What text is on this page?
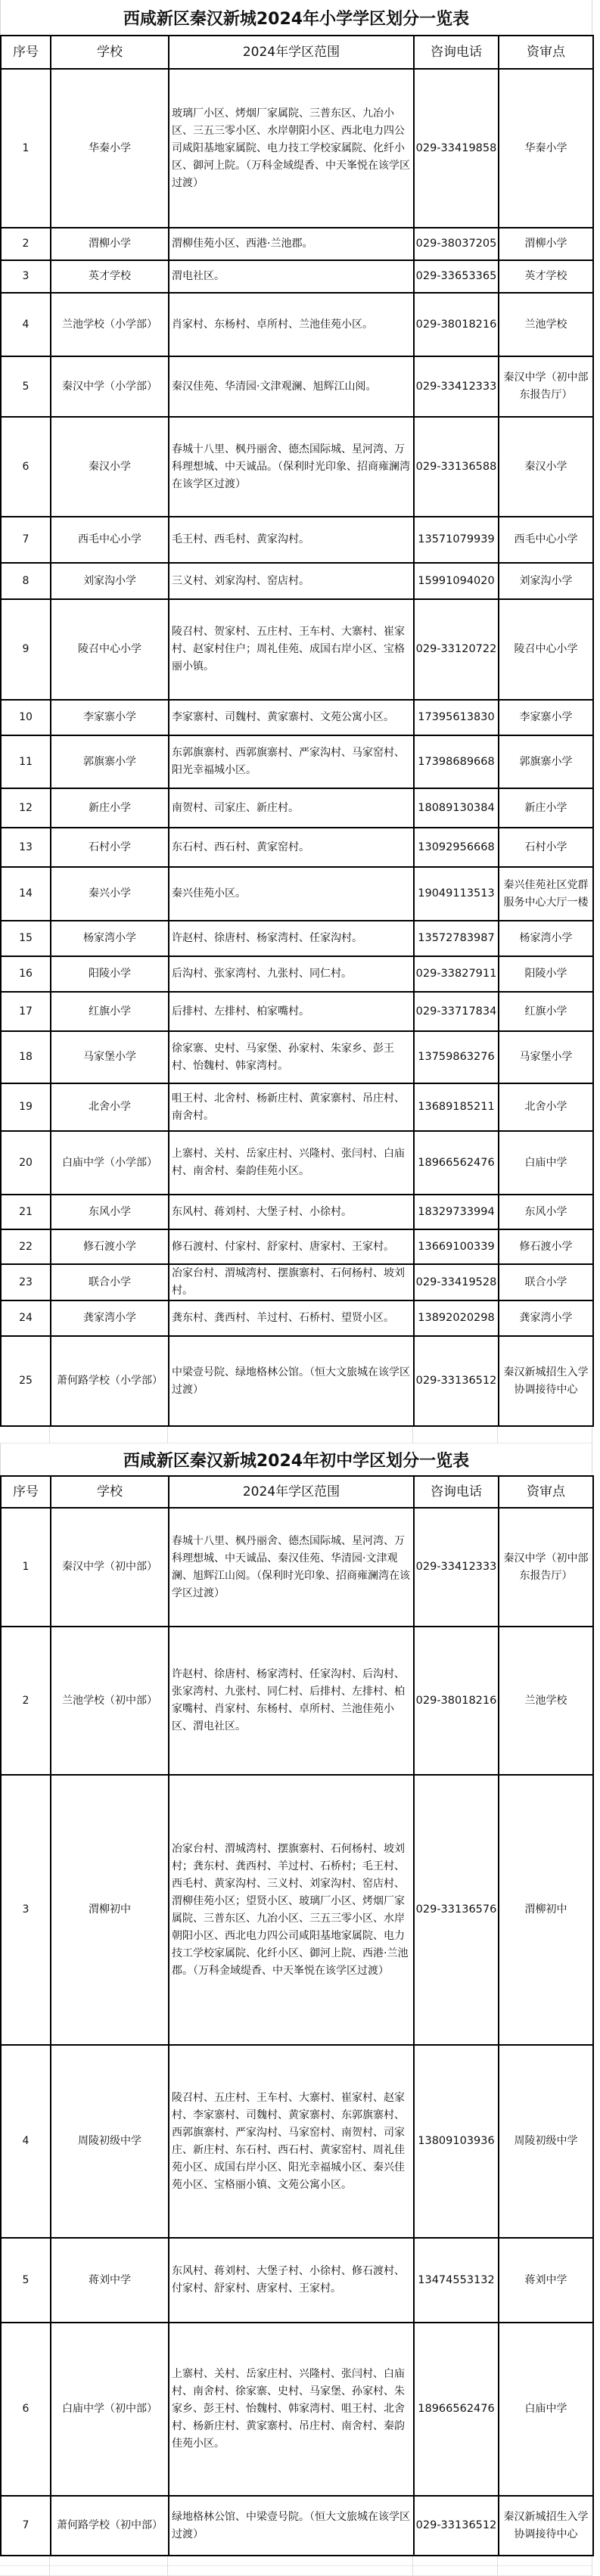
西咸新区秦汉新城2024年小学学区划分一览表
序号	学校	2024年学区范围	咨询电话	资审点
1	华秦小学	玻璃厂小区、烤烟厂家属院、三普东区、九冶小区、三五三零小区、水岸朝阳小区、西北电力四公司咸阳基地家属院、电力技工学校家属院、化纤小区、御河上院。（万科金域缇香、中天峯悦在该学区过渡）	029-33419858	华秦小学
2	渭柳小学	渭柳佳苑小区、西港·兰池郡。	029-38037205	渭柳小学
3	英才学校	渭电社区。	029-33653365	英才学校
4	兰池学校（小学部）	肖家村、东杨村、卓所村、兰池佳苑小区。	029-38018216	兰池学校
5	秦汉中学（小学部）	秦汉佳苑、华清园·文津观澜、旭辉江山阅。	029-33412333	秦汉中学（初中部东报告厅）
6	秦汉小学	春城十八里、枫丹丽舍、德杰国际城、星河湾、万科理想城、中天诚品。（保利时光印象、招商雍澜湾在该学区过渡）	029-33136588	秦汉小学
7	西毛中心小学	毛王村、西毛村、黄家沟村。	13571079939	西毛中心小学
8	刘家沟小学	三义村、刘家沟村、窑店村。	15991094020	刘家沟小学
9	陵召中心小学	陵召村、贺家村、五庄村、王车村、大寨村、崔家村、赵家村住户；周礼佳苑、成国右岸小区、宝格丽小镇。	029-33120722	陵召中心小学
10	李家寨小学	李家寨村、司魏村、黄家寨村、文苑公寓小区。	17395613830	李家寨小学
11	郭旗寨小学	东郭旗寨村、西郭旗寨村、严家沟村、马家窑村、阳光幸福城小区。	17398689668	郭旗寨小学
12	新庄小学	南贺村、司家庄、新庄村。	18089130384	新庄小学
13	石村小学	东石村、西石村、黄家窑村。	13092956668	石村小学
14	秦兴小学	秦兴佳苑小区。	19049113513	秦兴佳苑社区党群服务中心大厅一楼
15	杨家湾小学	许赵村、徐唐村、杨家湾村、任家沟村。	13572783987	杨家湾小学
16	阳陵小学	后沟村、张家湾村、九张村、同仁村。	029-33827911	阳陵小学
17	红旗小学	后排村、左排村、柏家嘴村。	029-33717834	红旗小学
18	马家堡小学	徐家寨、史村、马家堡、孙家村、朱家乡、彭王村、怡魏村、韩家湾村。	13759863276	马家堡小学
19	北舍小学	咀王村、北舍村、杨新庄村、黄家寨村、吊庄村、南舍村。	13689185211	北舍小学
20	白庙中学（小学部）	上寨村、关村、岳家庄村、兴隆村、张闫村、白庙村、南舍村、秦韵佳苑小区。	18966562476	白庙中学
21	东风小学	东风村、蒋刘村、大堡子村、小徐村。	18329733994	东风小学
22	修石渡小学	修石渡村、付家村、舒家村、唐家村、王家村。	13669100339	修石渡小学
23	联合小学	冶家台村、渭城湾村、摆旗寨村、石何杨村、坡刘村。	029-33419528	联合小学
24	龚家湾小学	龚东村、龚西村、羊过村、石桥村、望贤小区。	13892020298	龚家湾小学
25	萧何路学校（小学部）	中梁壹号院、绿地格林公馆。（恒大文旅城在该学区过渡）	029-33136512	秦汉新城招生入学协调接待中心
西咸新区秦汉新城2024年初中学区划分一览表
序号	学校	2024年学区范围	咨询电话	资审点
1	秦汉中学（初中部）	春城十八里、枫丹丽舍、德杰国际城、星河湾、万科理想城、中天诚品、秦汉佳苑、华清园·文津观澜、旭辉江山阅。（保利时光印象、招商雍澜湾在该学区过渡）	029-33412333	秦汉中学（初中部东报告厅）
2	兰池学校（初中部）	许赵村、徐唐村、杨家湾村、任家沟村、后沟村、张家湾村、九张村、同仁村、后排村、左排村、柏家嘴村、肖家村、东杨村、卓所村、兰池佳苑小区、渭电社区。	029-38018216	兰池学校
3	渭柳初中	冶家台村、渭城湾村、摆旗寨村、石何杨村、坡刘村；龚东村、龚西村、羊过村、石桥村；毛王村、西毛村、黄家沟村、三义村、刘家沟村、窑店村、渭柳佳苑小区；望贤小区、玻璃厂小区、烤烟厂家属院、三普东区、九冶小区、三五三零小区、水岸朝阳小区、西北电力四公司咸阳基地家属院、电力技工学校家属院、化纤小区、御河上院、西港·兰池郡。（万科金域缇香、中天峯悦在该学区过渡）	029-33136576	渭柳初中
4	周陵初级中学	陵召村、五庄村、王车村、大寨村、崔家村、赵家村、李家寨村、司魏村、黄家寨村、东郭旗寨村、西郭旗寨村、严家沟村、马家窑村、南贺村、司家庄、新庄村、东石村、西石村、黄家窑村、周礼佳苑小区、成国右岸小区、阳光幸福城小区、秦兴佳苑小区、宝格丽小镇、文苑公寓小区。	13809103936	周陵初级中学
5	蒋刘中学	东风村、蒋刘村、大堡子村、小徐村、修石渡村、付家村、舒家村、唐家村、王家村。	13474553132	蒋刘中学
6	白庙中学（初中部）	上寨村、关村、岳家庄村、兴隆村、张闫村、白庙村、南舍村、徐家寨、史村、马家堡、孙家村、朱家乡、彭王村、怡魏村、韩家湾村、咀王村、北舍村、杨新庄村、黄家寨村、吊庄村、南舍村、秦韵佳苑小区。	18966562476	白庙中学
7	萧何路学校（初中部）	绿地格林公馆、中梁壹号院。（恒大文旅城在该学区过渡）	029-33136512	秦汉新城招生入学协调接待中心
